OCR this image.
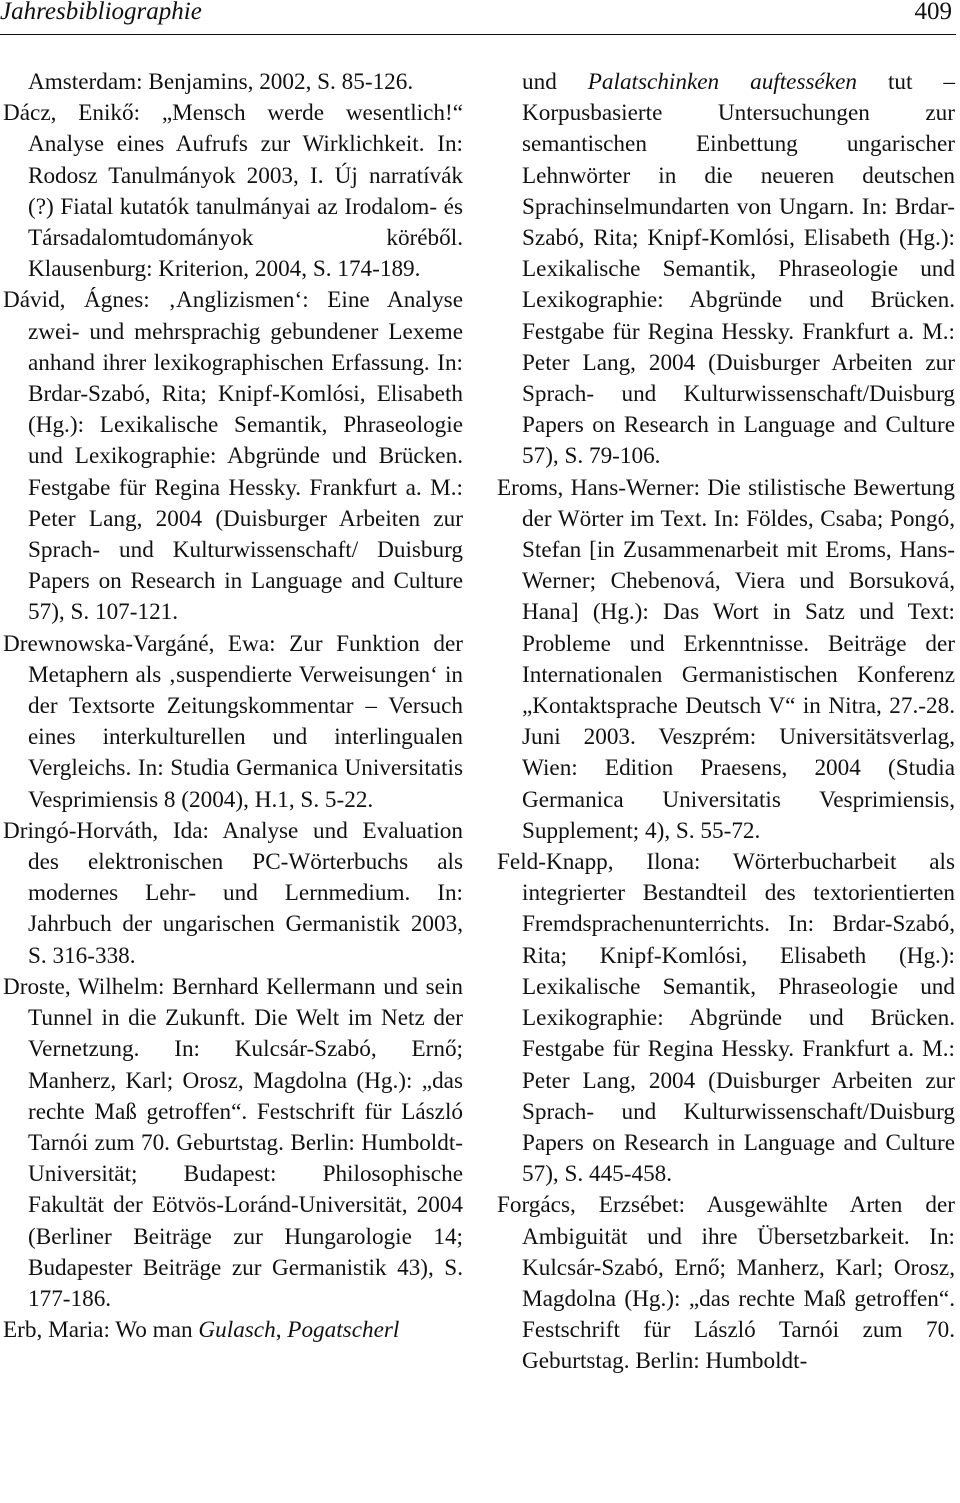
Jahresbibliographie	409

Amsterdam: Benjamins, 2002, S. 85-126.

Dácz, Enikő: „Mensch werde wesentlich!“ Analyse eines Aufrufs zur Wirklichkeit. In: Rodosz Tanulmányok 2003, I. Új narratívák (?) Fiatal kutatók tanulmányai az Irodalom- és Társadalomtudományok köréből. Klausenburg: Kriterion, 2004, S. 174-189.

Dávid, Ágnes: ‚Anglizismen‘: Eine Analyse zwei- und mehrsprachig gebundener Lexeme anhand ihrer lexikographischen Erfassung. In: Brdar-Szabó, Rita; Knipf-Komlósi, Elisabeth (Hg.): Lexikalische Semantik, Phraseologie und Lexikographie: Abgründe und Brücken. Festgabe für Regina Hessky. Frankfurt a. M.: Peter Lang, 2004 (Duisburger Arbeiten zur Sprach- und Kulturwissenschaft/ Duisburg Papers on Research in Language and Culture 57), S. 107-121.

Drewnowska-Vargáné, Ewa: Zur Funktion der Metaphern als ‚suspendierte Verweisungen‘ in der Textsorte Zeitungskommentar – Versuch eines interkulturellen und interlingualen Vergleichs. In: Studia Germanica Universitatis Vesprimiensis 8 (2004), H.1, S. 5-22.

Dringó-Horváth, Ida: Analyse und Evaluation des elektronischen PC-Wörterbuchs als modernes Lehr- und Lernmedium. In: Jahrbuch der ungarischen Germanistik 2003, S. 316-338.

Droste, Wilhelm: Bernhard Kellermann und sein Tunnel in die Zukunft. Die Welt im Netz der Vernetzung. In: Kulcsár-Szabó, Ernő; Manherz, Karl; Orosz, Magdolna (Hg.): „das rechte Maß getroffen“. Festschrift für László Tarnói zum 70. Geburtstag. Berlin: Humboldt-Universität; Budapest: Philosophische Fakultät der Eötvös-Loránd-Universität, 2004 (Berliner Beiträge zur Hungarologie 14; Budapester Beiträge zur Germanistik 43), S. 177-186.

Erb, Maria: Wo man Gulasch, Pogatscherl

und Palatschinken auftesséken tut – Korpusbasierte Untersuchungen zur semantischen Einbettung ungarischer Lehnwörter in die neueren deutschen Sprachinselmundarten von Ungarn. In: Brdar-Szabó, Rita; Knipf-Komlósi, Elisabeth (Hg.): Lexikalische Semantik, Phraseologie und Lexikographie: Abgründe und Brücken. Festgabe für Regina Hessky. Frankfurt a. M.: Peter Lang, 2004 (Duisburger Arbeiten zur Sprach- und Kulturwissenschaft/Duisburg Papers on Research in Language and Culture 57), S. 79-106.

Eroms, Hans-Werner: Die stilistische Bewertung der Wörter im Text. In: Földes, Csaba; Pongó, Stefan [in Zusammenarbeit mit Eroms, Hans-Werner; Chebenová, Viera und Borsuková, Hana] (Hg.): Das Wort in Satz und Text: Probleme und Erkenntnisse. Beiträge der Internationalen Germanistischen Konferenz „Kontaktsprache Deutsch V“ in Nitra, 27.-28. Juni 2003. Veszprém: Universitätsverlag, Wien: Edition Praesens, 2004 (Studia Germanica Universitatis Vesprimiensis, Supplement; 4), S. 55-72.

Feld-Knapp, Ilona: Wörterbucharbeit als integrierter Bestandteil des textorientierten Fremdsprachenunterrichts. In: Brdar-Szabó, Rita; Knipf-Komlósi, Elisabeth (Hg.): Lexikalische Semantik, Phraseologie und Lexikographie: Abgründe und Brücken. Festgabe für Regina Hessky. Frankfurt a. M.: Peter Lang, 2004 (Duisburger Arbeiten zur Sprach- und Kulturwissenschaft/Duisburg Papers on Research in Language and Culture 57), S. 445-458.

Forgács, Erzsébet: Ausgewählte Arten der Ambiguität und ihre Übersetzbarkeit. In: Kulcsár-Szabó, Ernő; Manherz, Karl; Orosz, Magdolna (Hg.): „das rechte Maß getroffen“. Festschrift für László Tarnói zum 70. Geburtstag. Berlin: Humboldt-
